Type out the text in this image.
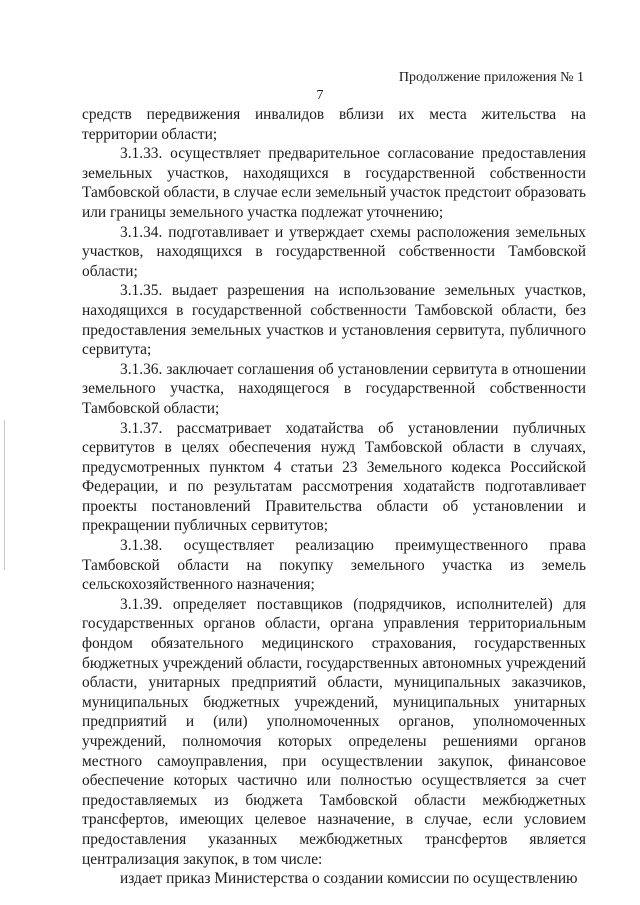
Продолжение приложения № 1
7

средств передвижения инвалидов вблизи их места жительства на территории области;

3.1.33. осуществляет предварительное согласование предоставления земельных участков, находящихся в государственной собственности Тамбовской области, в случае если земельный участок предстоит образовать или границы земельного участка подлежат уточнению;

3.1.34. подготавливает и утверждает схемы расположения земельных участков, находящихся в государственной собственности Тамбовской области;

3.1.35. выдает разрешения на использование земельных участков, находящихся в государственной собственности Тамбовской области, без предоставления земельных участков и установления сервитута, публичного сервитута;

3.1.36. заключает соглашения об установлении сервитута в отношении земельного участка, находящегося в государственной собственности Тамбовской области;

3.1.37. рассматривает ходатайства об установлении публичных сервитутов в целях обеспечения нужд Тамбовской области в случаях, предусмотренных пунктом 4 статьи 23 Земельного кодекса Российской Федерации, и по результатам рассмотрения ходатайств подготавливает проекты постановлений Правительства области об установлении и прекращении публичных сервитутов;

3.1.38. осуществляет реализацию преимущественного права Тамбовской области на покупку земельного участка из земель сельскохозяйственного назначения;

3.1.39. определяет поставщиков (подрядчиков, исполнителей) для государственных органов области, органа управления территориальным фондом обязательного медицинского страхования, государственных бюджетных учреждений области, государственных автономных учреждений области, унитарных предприятий области, муниципальных заказчиков, муниципальных бюджетных учреждений, муниципальных унитарных предприятий и (или) уполномоченных органов, уполномоченных учреждений, полномочия которых определены решениями органов местного самоуправления, при осуществлении закупок, финансовое обеспечение которых частично или полностью осуществляется за счет предоставляемых из бюджета Тамбовской области межбюджетных трансфертов, имеющих целевое назначение, в случае, если условием предоставления указанных межбюджетных трансфертов является централизация закупок, в том числе:

издает приказ Министерства о создании комиссии по осуществлению
